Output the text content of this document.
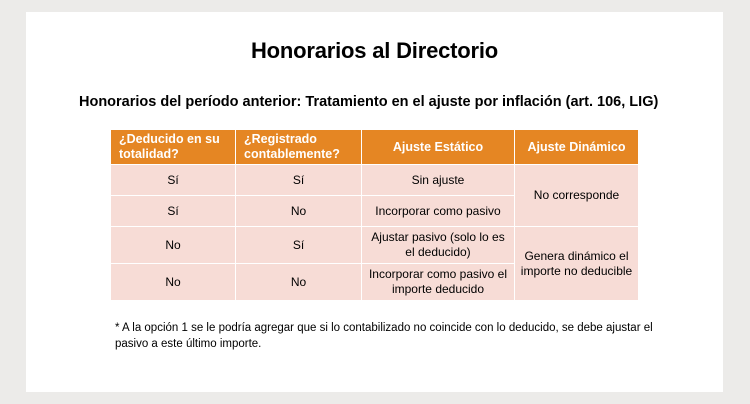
Honorarios al Directorio
Honorarios del período anterior: Tratamiento en el ajuste por inflación (art. 106, LIG)
¿Deducido en su totalidad?	¿Registrado contablemente?	Ajuste Estático	Ajuste Dinámico
Sí	Sí	Sin ajuste	No corresponde
Sí	No	Incorporar como pasivo	
No	Sí	Ajustar pasivo (solo lo es el deducido)	Genera dinámico el importe no deducible
No	No	Incorporar como pasivo el importe deducido	
* A la opción 1 se le podría agregar que si lo contabilizado no coincide con lo deducido, se debe ajustar el pasivo a este último importe.
